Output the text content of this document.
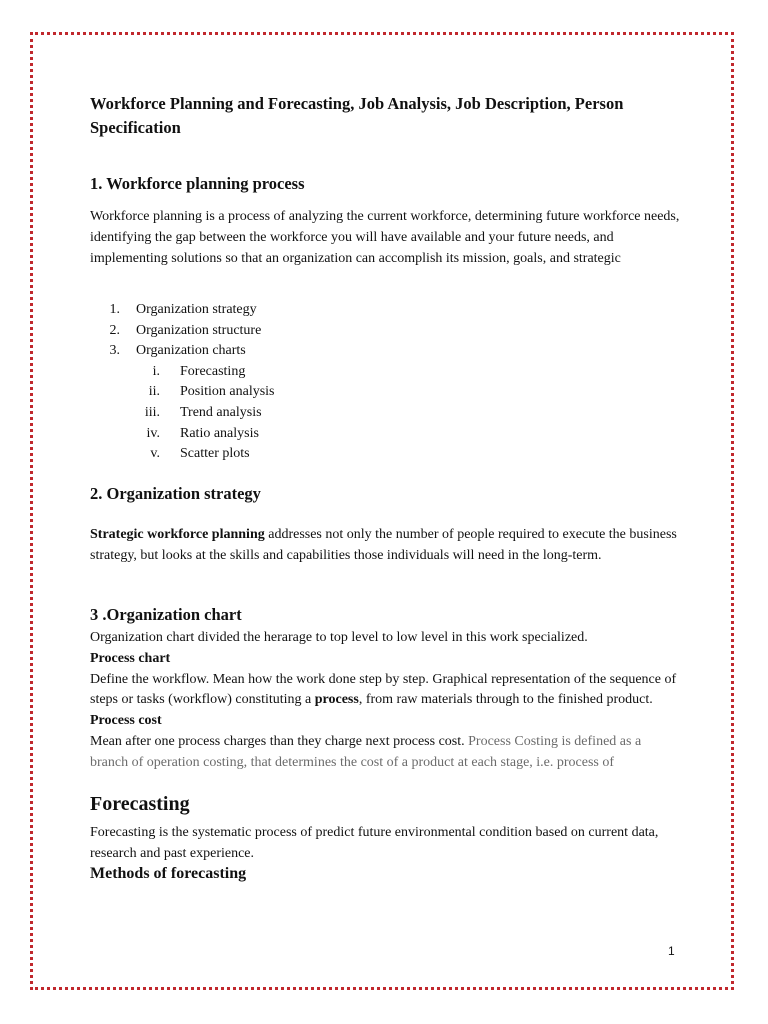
Workforce Planning and Forecasting, Job Analysis, Job Description, Person Specification

1. Workforce planning process

Workforce planning is a process of analyzing the current workforce, determining future workforce needs, identifying the gap between the workforce you will have available and your future needs, and implementing solutions so that an organization can accomplish its mission, goals, and strategic

1. Organization strategy
2. Organization structure
3. Organization charts
i. Forecasting
ii. Position analysis
iii. Trend analysis
iv. Ratio analysis
v. Scatter plots

2. Organization strategy

Strategic workforce planning addresses not only the number of people required to execute the business strategy, but looks at the skills and capabilities those individuals will need in the long-term.

3 .Organization chart

Organization chart divided the herarage to top level to low level in this work specialized.

Process chart

Define the workflow. Mean how the work done step by step. Graphical representation of the sequence of steps or tasks (workflow) constituting a process, from raw materials through to the finished product.

Process cost

Mean after one process charges than they charge next process cost. Process Costing is defined as a branch of operation costing, that determines the cost of a product at each stage, i.e. process of

Forecasting

Forecasting is the systematic process of predict future environmental condition based on current data, research and past experience.

Methods of forecasting

1
